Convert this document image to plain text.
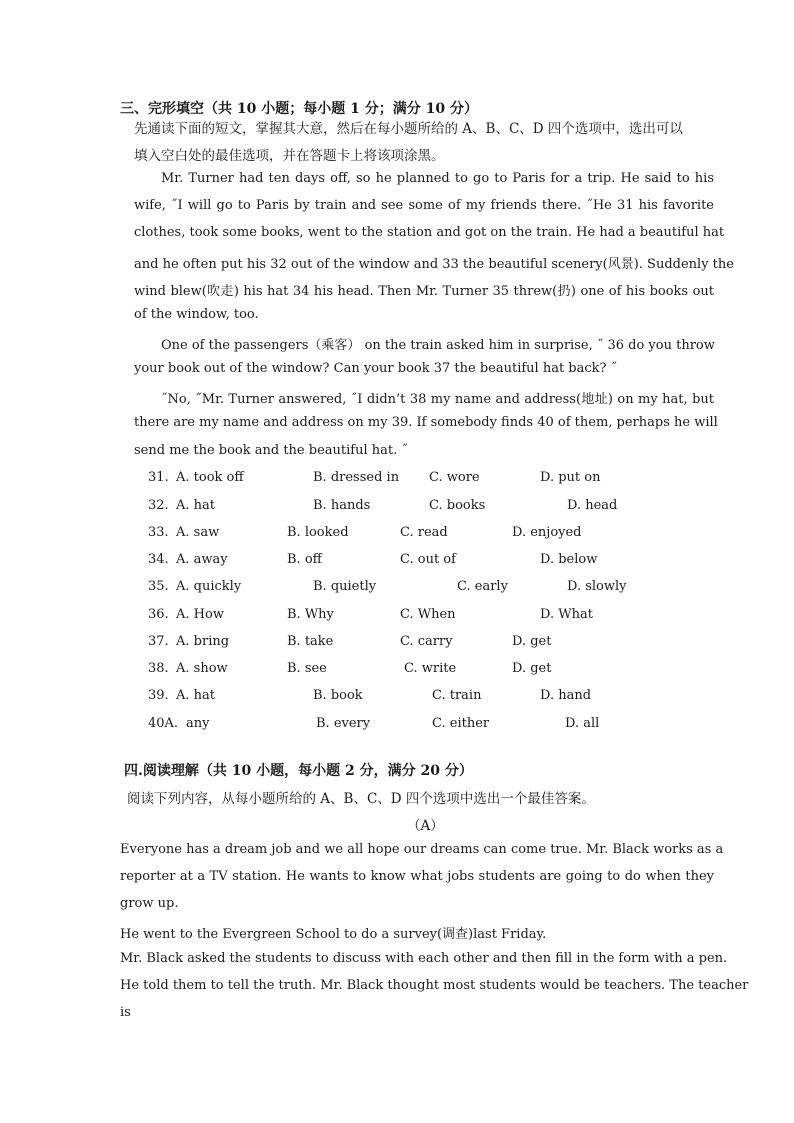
三、完形填空（共 10 小题；每小题 1 分；满分 10 分）
先通读下面的短文，掌握其大意，然后在每小题所给的 A、B、C、D 四个选项中，选出可以
填入空白处的最佳选项，并在答题卡上将该项涂黑。
Mr. Turner had ten days off, so he planned to go to Paris for a trip. He said to his
wife, ˝I will go to Paris by train and see some of my friends there. ˝He 31 his favorite
clothes, took some books, went to the station and got on the train. He had a beautiful hat
and he often put his 32 out of the window and 33 the beautiful scenery(风景). Suddenly the
wind blew(吹走) his hat 34 his head. Then Mr. Turner 35 threw(扔) one of his books out
of the window, too.
One of the passengers（乘客） on the train asked him in surprise, ˝ 36 do you throw
your book out of the window? Can your book 37 the beautiful hat back? ˝
˝No, ˝Mr. Turner answered, ˝I didn’t 38 my name and address(地址) on my hat, but
there are my name and address on my 39. If somebody finds 40 of them, perhaps he will
send me the book and the beautiful hat. ˝
31. A. took off	B. dressed in C. wore	D. put on
32. A. hat	B. hands	C. books	D. head
33. A. saw	B. looked	C. read	D. enjoyed
34. A. away	B. off	C. out of	D. below
35. A. quickly	B. quietly	C. early	D. slowly
36. A. How	B. Why	C. When	D. What
37. A. bring	B. take	C. carry	D. get
38. A. show	B. see	C. write	D. get
39. A. hat	B. book	C. train	D. hand
40A. any	B. every	C. either	D. all
四.阅读理解（共 10 小题，每小题 2 分，满分 20 分）
阅读下列内容，从每小题所给的 A、B、C、D 四个选项中选出一个最佳答案。
（A）
Everyone has a dream job and we all hope our dreams can come true. Mr. Black works as a
reporter at a TV station. He wants to know what jobs students are going to do when they
grow up.
He went to the Evergreen School to do a survey(调查)last Friday.
Mr. Black asked the students to discuss with each other and then fill in the form with a pen.
He told them to tell the truth. Mr. Black thought most students would be teachers. The teacher
is
